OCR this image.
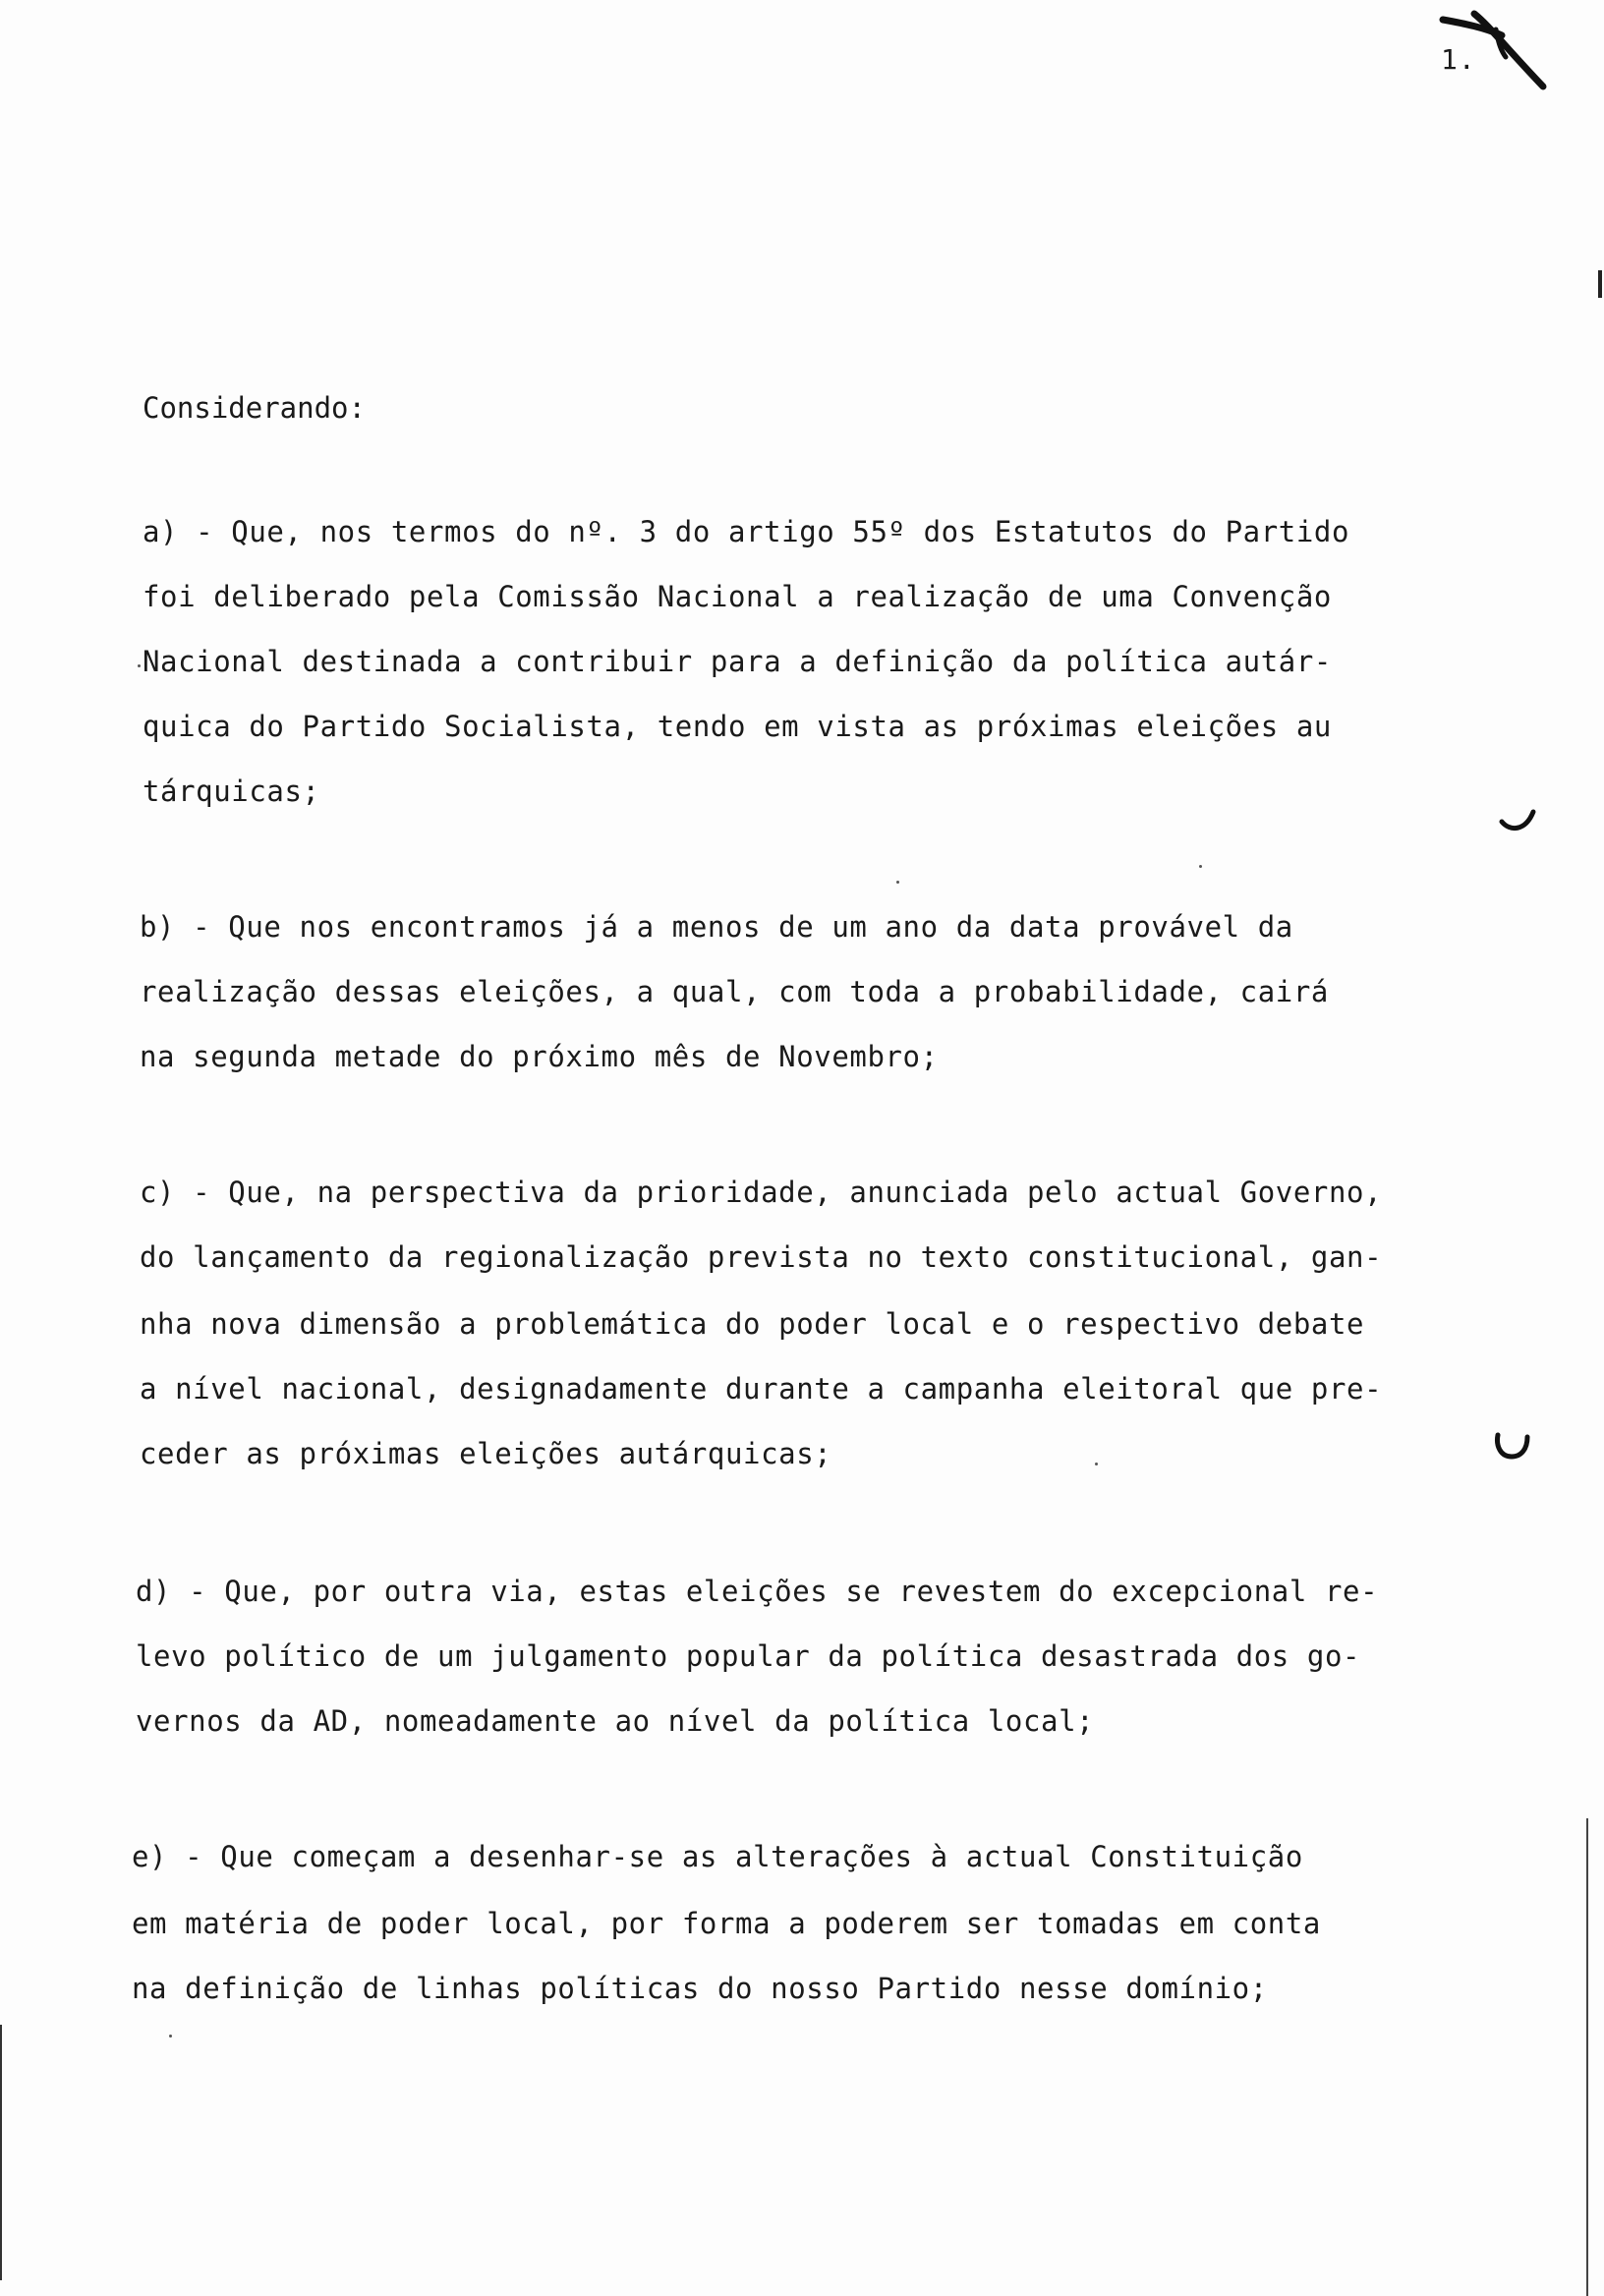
1.
Considerando:
a) - Que, nos termos do nº. 3 do artigo 55º dos Estatutos do Partido
foi deliberado pela Comissão Nacional a realização de uma Convenção
Nacional destinada a contribuir para a definição da política autár-
quica do Partido Socialista, tendo em vista as próximas eleições au
tárquicas;
b) - Que nos encontramos já a menos de um ano da data provável da
realização dessas eleições, a qual, com toda a probabilidade, cairá
na segunda metade do próximo mês de Novembro;
c) - Que, na perspectiva da prioridade, anunciada pelo actual Governo,
do lançamento da regionalização prevista no texto constitucional, gan-
nha nova dimensão a problemática do poder local e o respectivo debate
a nível nacional, designadamente durante a campanha eleitoral que pre-
ceder as próximas eleições autárquicas;
d) - Que, por outra via, estas eleições se revestem do excepcional re-
levo político de um julgamento popular da política desastrada dos go-
vernos da AD, nomeadamente ao nível da política local;
e) - Que começam a desenhar-se as alterações à actual Constituição
em matéria de poder local, por forma a poderem ser tomadas em conta
na definição de linhas políticas do nosso Partido nesse domínio;
